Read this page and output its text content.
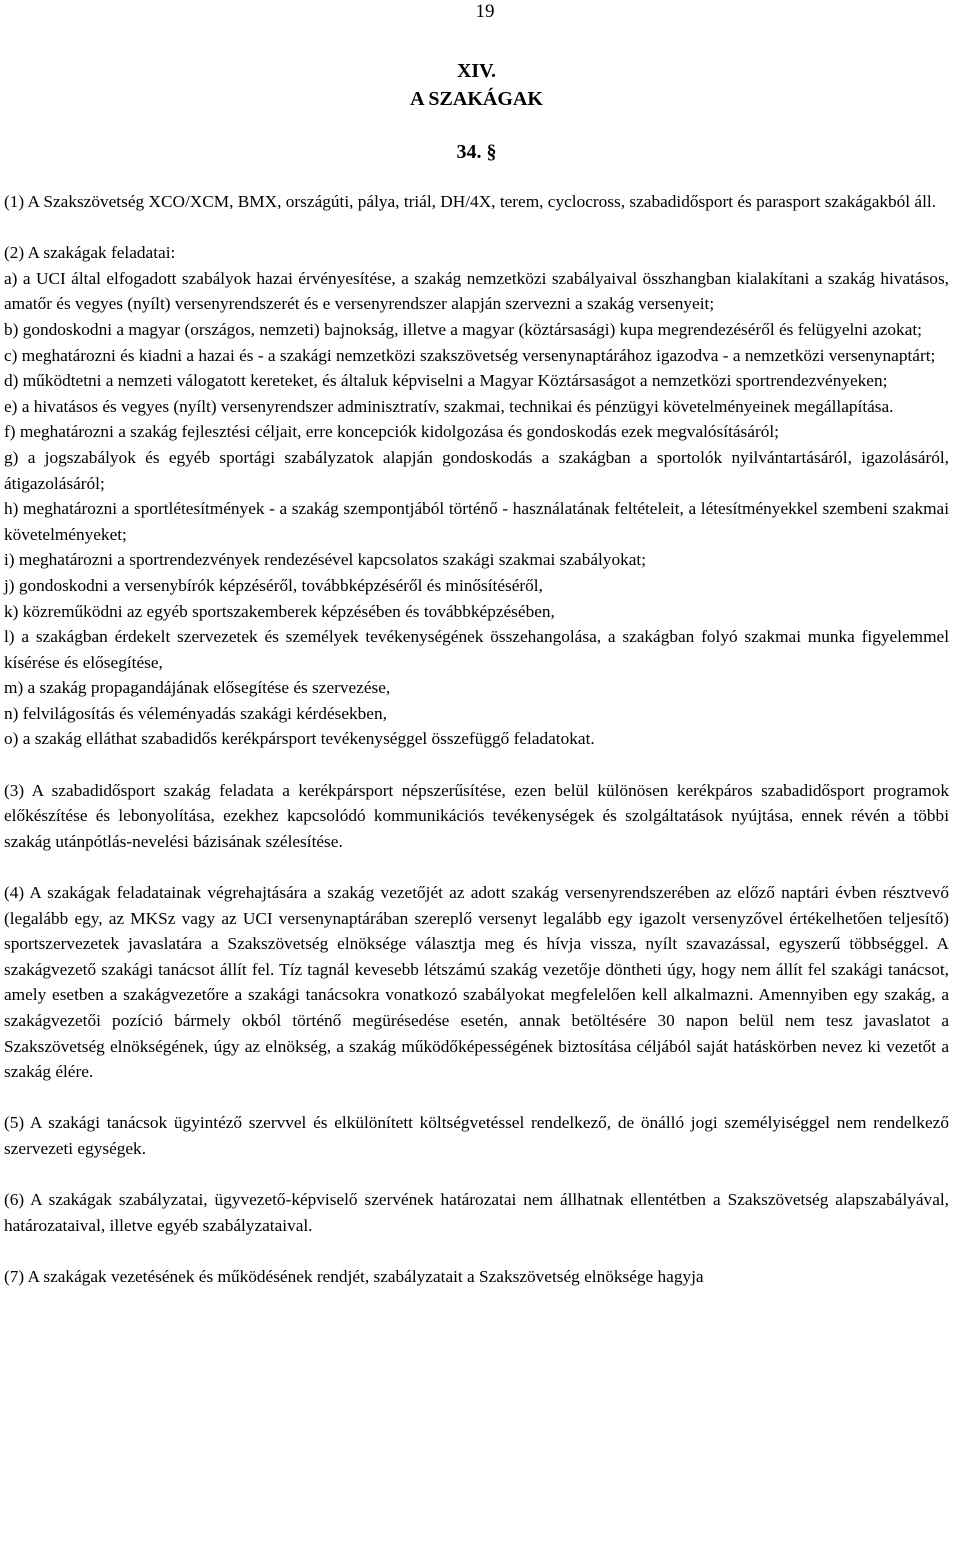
19
XIV.
A SZAKÁGAK
34. §

(1) A Szakszövetség XCO/XCM, BMX, országúti, pálya, triál, DH/4X, terem, cyclocross, szabadidősport és parasport szakágakból áll.

(2) A szakágak feladatai:

a) a UCI által elfogadott szabályok hazai érvényesítése, a szakág nemzetközi szabályaival összhangban kialakítani a szakág hivatásos, amatőr és vegyes (nyílt) versenyrendszerét és e versenyrendszer alapján szervezni a szakág versenyeit;

b) gondoskodni a magyar (országos, nemzeti) bajnokság, illetve a magyar (köztársasági) kupa megrendezéséről és felügyelni azokat;

c) meghatározni és kiadni a hazai és - a szakági nemzetközi szakszövetség versenynaptárához igazodva - a nemzetközi versenynaptárt;

d) működtetni a nemzeti válogatott kereteket, és általuk képviselni a Magyar Köztársaságot a nemzetközi sportrendezvényeken;

e) a hivatásos és vegyes (nyílt) versenyrendszer adminisztratív, szakmai, technikai és pénzügyi követelményeinek megállapítása.

f) meghatározni a szakág fejlesztési céljait, erre koncepciók kidolgozása és gondoskodás ezek megvalósításáról;

g) a jogszabályok és egyéb sportági szabályzatok alapján gondoskodás a szakágban a sportolók nyilvántartásáról, igazolásáról, átigazolásáról;

h) meghatározni a sportlétesítmények - a szakág szempontjából történő - használatának feltételeit, a létesítményekkel szembeni szakmai követelményeket;

i) meghatározni a sportrendezvények rendezésével kapcsolatos szakági szakmai szabályokat;

j) gondoskodni a versenybírók képzéséről, továbbképzéséről és minősítéséről,

k) közreműködni az egyéb sportszakemberek képzésében és továbbképzésében,

l) a szakágban érdekelt szervezetek és személyek tevékenységének összehangolása, a szakágban folyó szakmai munka figyelemmel kísérése és elősegítése,

m) a szakág propagandájának elősegítése és szervezése,

n) felvilágosítás és véleményadás szakági kérdésekben,

o) a szakág elláthat szabadidős kerékpársport tevékenységgel összefüggő feladatokat.

(3) A szabadidősport szakág feladata a kerékpársport népszerűsítése, ezen belül különösen kerékpáros szabadidősport programok előkészítése és lebonyolítása, ezekhez kapcsolódó kommunikációs tevékenységek és szolgáltatások nyújtása, ennek révén a többi szakág utánpótlás-nevelési bázisának szélesítése.

(4) A szakágak feladatainak végrehajtására a szakág vezetőjét az adott szakág versenyrendszerében az előző naptári évben résztvevő (legalább egy, az MKSz vagy az UCI versenynaptárában szereplő versenyt legalább egy igazolt versenyzővel értékelhetően teljesítő) sportszervezetek javaslatára a Szakszövetség elnöksége választja meg és hívja vissza, nyílt szavazással, egyszerű többséggel. A szakágvezető szakági tanácsot állít fel. Tíz tagnál kevesebb létszámú szakág vezetője döntheti úgy, hogy nem állít fel szakági tanácsot, amely esetben a szakágvezetőre a szakági tanácsokra vonatkozó szabályokat megfelelően kell alkalmazni. Amennyiben egy szakág, a szakágvezetői pozíció bármely okból történő megürésedése esetén, annak betöltésére 30 napon belül nem tesz javaslatot a Szakszövetség elnökségének, úgy az elnökség, a szakág működőképességének biztosítása céljából saját hatáskörben nevez ki vezetőt a szakág élére.

(5) A szakági tanácsok ügyintéző szervvel és elkülönített költségvetéssel rendelkező, de önálló jogi személyiséggel nem rendelkező szervezeti egységek.

(6) A szakágak szabályzatai, ügyvezető-képviselő szervének határozatai nem állhatnak ellentétben a Szakszövetség alapszabályával, határozataival, illetve egyéb szabályzataival.

(7) A szakágak vezetésének és működésének rendjét, szabályzatait a Szakszövetség elnöksége hagyja
